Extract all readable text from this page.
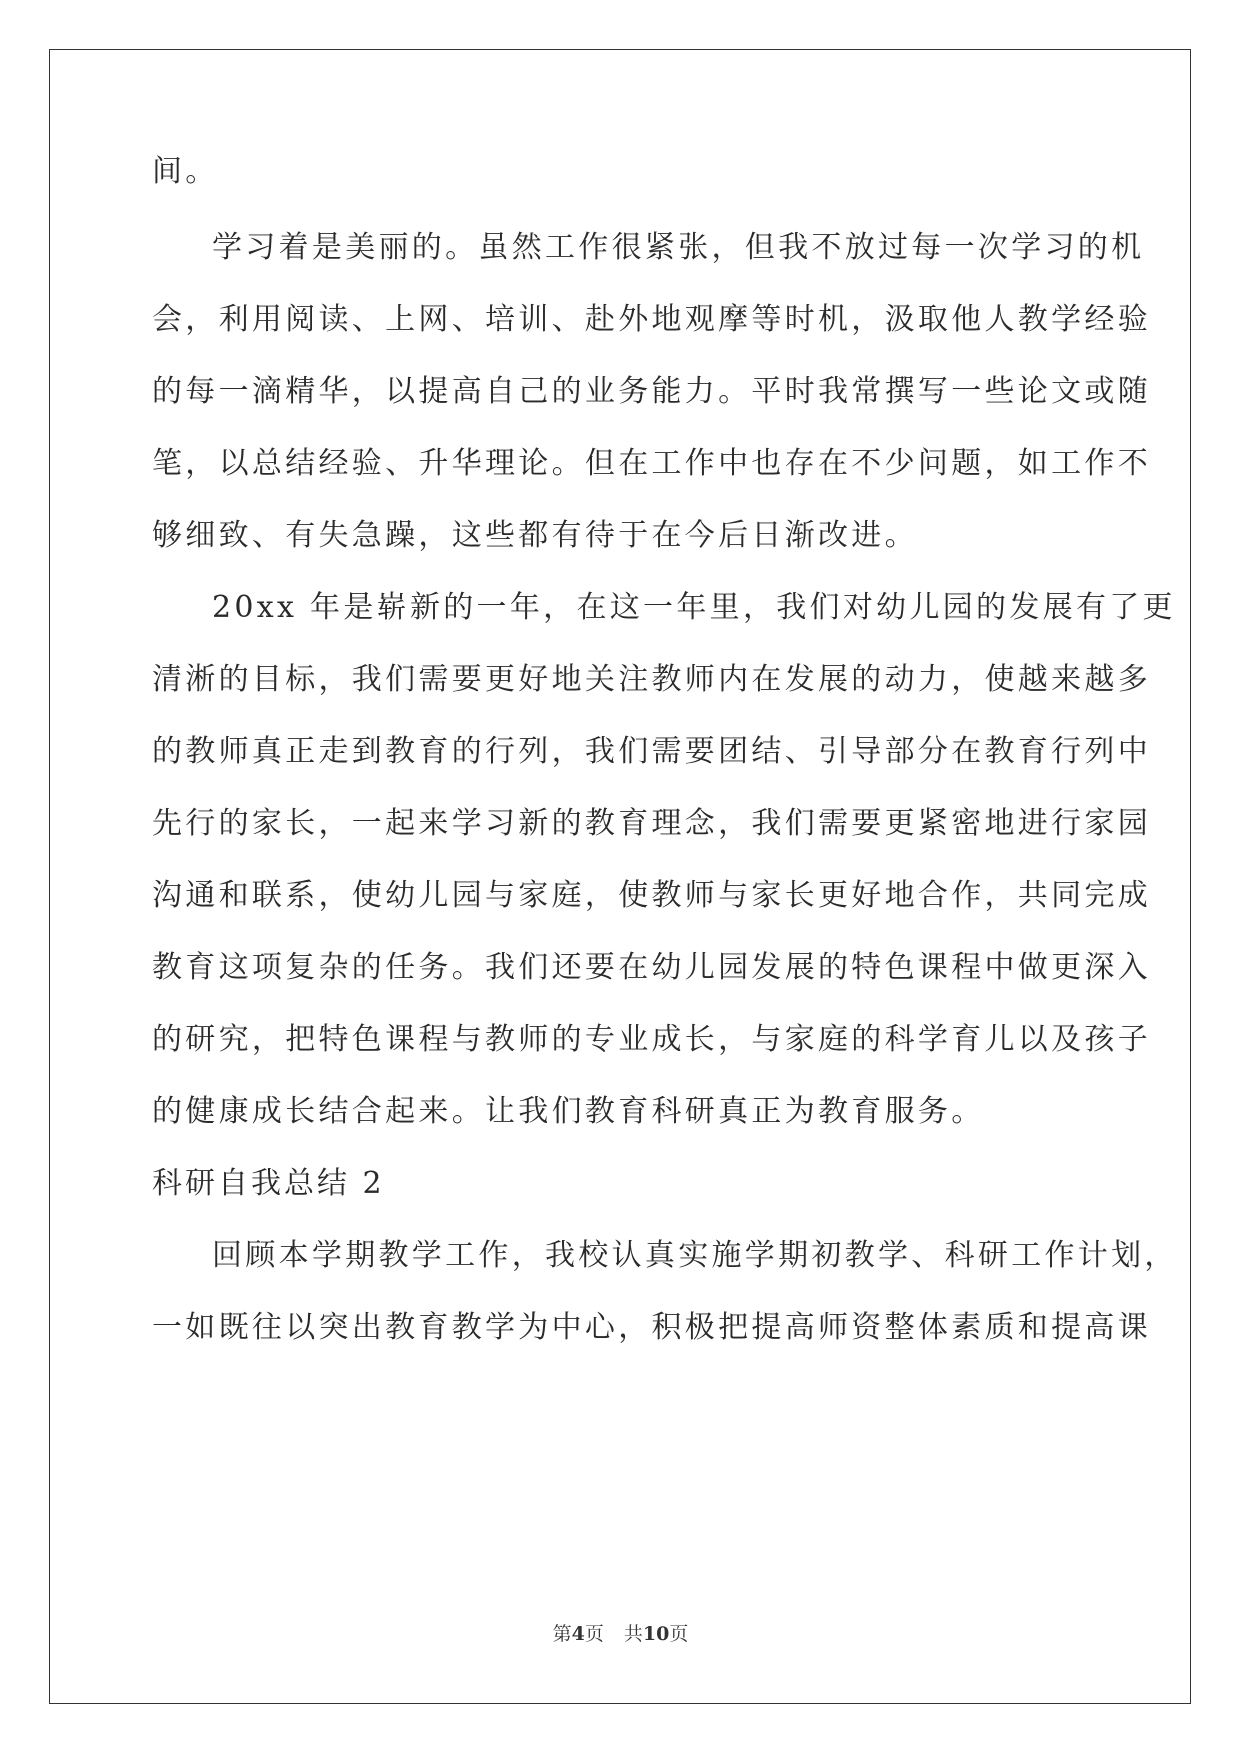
间。
学习着是美丽的。虽然工作很紧张，但我不放过每一次学习的机
会，利用阅读、上网、培训、赴外地观摩等时机，汲取他人教学经验
的每一滴精华，以提高自己的业务能力。平时我常撰写一些论文或随
笔，以总结经验、升华理论。但在工作中也存在不少问题，如工作不
够细致、有失急躁，这些都有待于在今后日渐改进。
20xx 年是崭新的一年，在这一年里，我们对幼儿园的发展有了更
清淅的目标，我们需要更好地关注教师内在发展的动力，使越来越多
的教师真正走到教育的行列，我们需要团结、引导部分在教育行列中
先行的家长，一起来学习新的教育理念，我们需要更紧密地进行家园
沟通和联系，使幼儿园与家庭，使教师与家长更好地合作，共同完成
教育这项复杂的任务。我们还要在幼儿园发展的特色课程中做更深入
的研究，把特色课程与教师的专业成长，与家庭的科学育儿以及孩子
的健康成长结合起来。让我们教育科研真正为教育服务。
科研自我总结 2
回顾本学期教学工作，我校认真实施学期初教学、科研工作计划，
一如既往以突出教育教学为中心，积极把提高师资整体素质和提高课
第4页 共10页
